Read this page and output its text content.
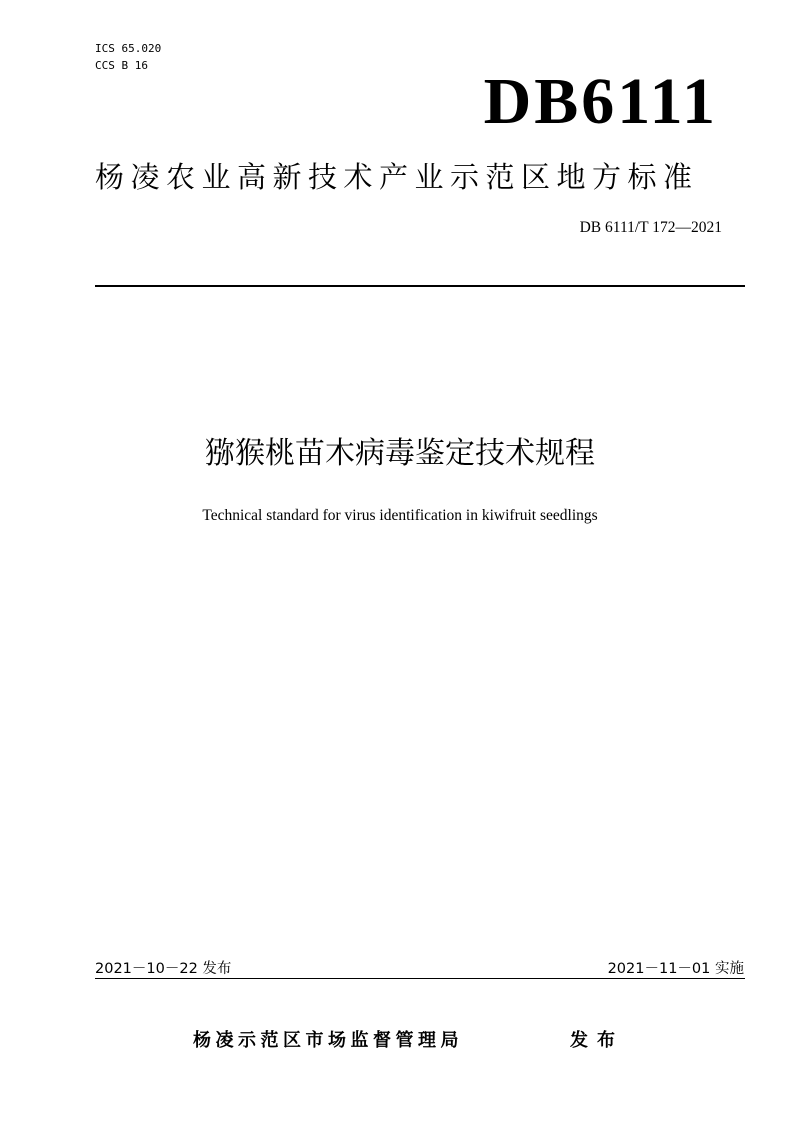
ICS 65.020
CCS B 16	DB6111
杨凌农业高新技术产业示范区地方标准
DB 6111/T 172—2021
猕猴桃苗木病毒鉴定技术规程
Technical standard for virus identification in kiwifruit seedlings
2021－10－22 发布	2021－11－01 实施
杨凌示范区市场监督管理局	发布
